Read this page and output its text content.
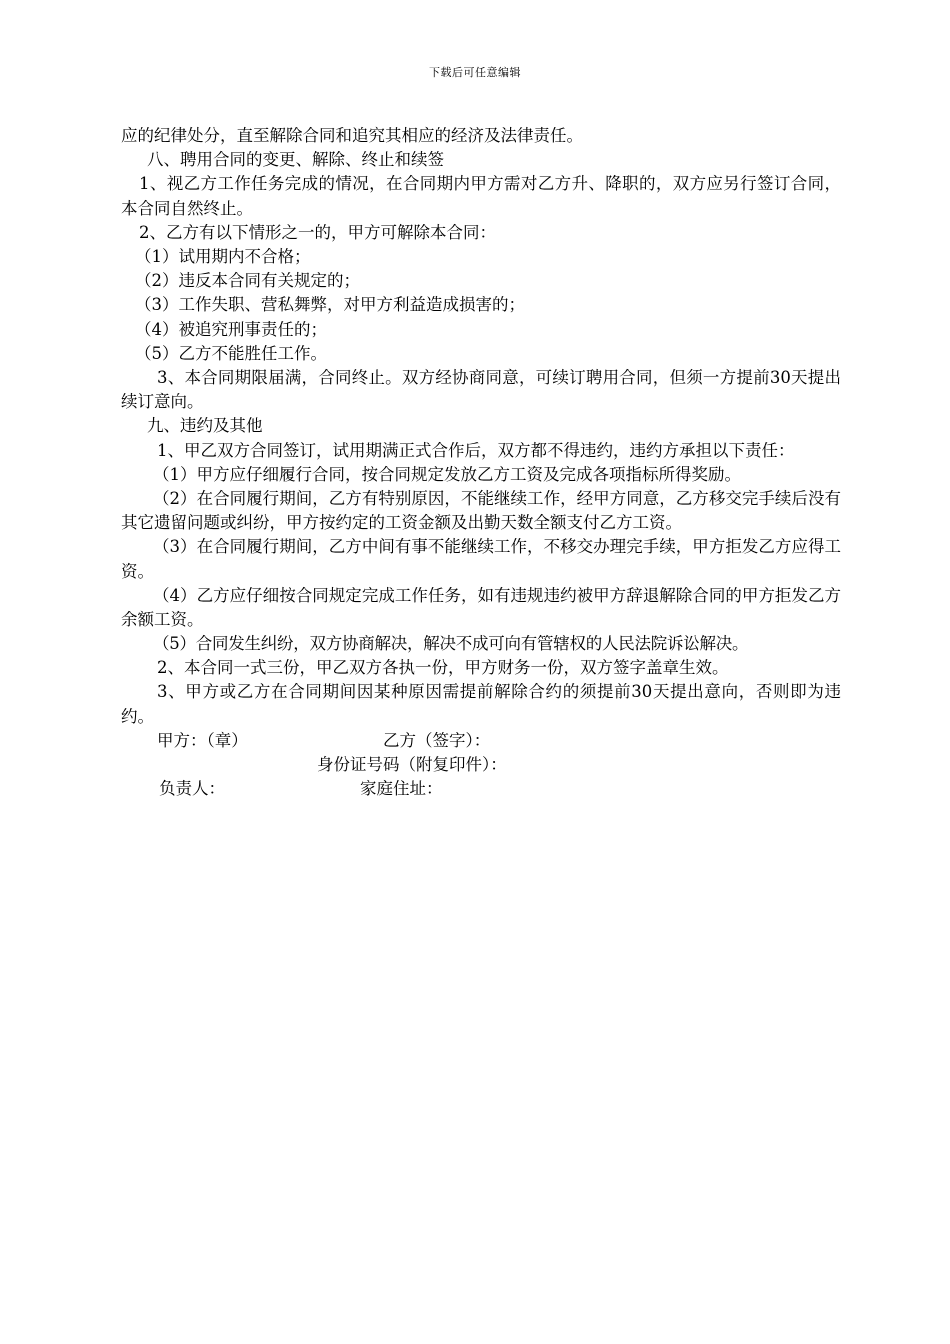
下载后可任意编辑
应的纪律处分，直至解除合同和追究其相应的经济及法律责任。
八、聘用合同的变更、解除、终止和续签
1、视乙方工作任务完成的情况，在合同期内甲方需对乙方升、降职的，双方应另行签订合同，本合同自然终止。
2、乙方有以下情形之一的，甲方可解除本合同：
（1）试用期内不合格；
（2）违反本合同有关规定的；
（3）工作失职、营私舞弊，对甲方利益造成损害的；
（4）被追究刑事责任的；
（5）乙方不能胜任工作。
3、本合同期限届满，合同终止。双方经协商同意，可续订聘用合同，但须一方提前30天提出续订意向。
九、违约及其他
1、甲乙双方合同签订，试用期满正式合作后，双方都不得违约，违约方承担以下责任：
（1）甲方应仔细履行合同，按合同规定发放乙方工资及完成各项指标所得奖励。
（2）在合同履行期间，乙方有特别原因，不能继续工作，经甲方同意，乙方移交完手续后没有其它遗留问题或纠纷，甲方按约定的工资金额及出勤天数全额支付乙方工资。
（3）在合同履行期间，乙方中间有事不能继续工作，不移交办理完手续，甲方拒发乙方应得工资。
（4）乙方应仔细按合同规定完成工作任务，如有违规违约被甲方辞退解除合同的甲方拒发乙方余额工资。
（5）合同发生纠纷，双方协商解决，解决不成可向有管辖权的人民法院诉讼解决。
2、本合同一式三份，甲乙双方各执一份，甲方财务一份，双方签字盖章生效。
3、甲方或乙方在合同期间因某种原因需提前解除合约的须提前30天提出意向，否则即为违约。
甲方：（章）	乙方（签字）：
身份证号码（附复印件）：
负责人：	家庭住址：
